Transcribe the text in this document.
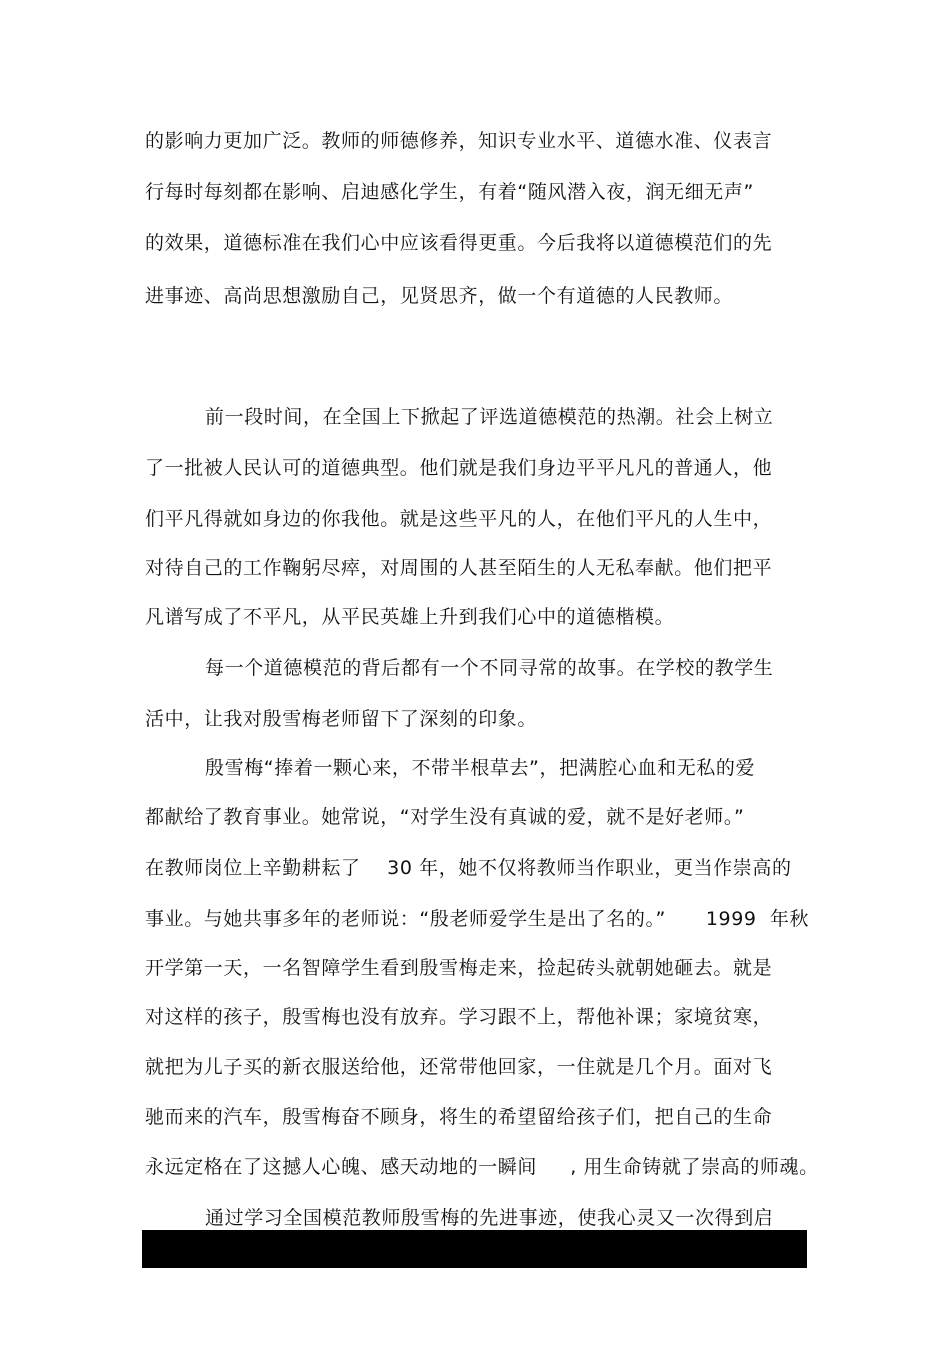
的影响力更加广泛。教师的师德修养，知识专业水平、道德水准、仪表言
行每时每刻都在影响、启迪感化学生，有着“随风潜入夜，润无细无声”
的效果，道德标准在我们心中应该看得更重。今后我将以道德模范们的先
进事迹、高尚思想激励自己，见贤思齐，做一个有道德的人民教师。
前一段时间，在全国上下掀起了评选道德模范的热潮。社会上树立
了一批被人民认可的道德典型。他们就是我们身边平平凡凡的普通人，他
们平凡得就如身边的你我他。就是这些平凡的人，在他们平凡的人生中，
对待自己的工作鞠躬尽瘁，对周围的人甚至陌生的人无私奉献。他们把平
凡谱写成了不平凡，从平民英雄上升到我们心中的道德楷模。
每一个道德模范的背后都有一个不同寻常的故事。在学校的教学生
活中，让我对殷雪梅老师留下了深刻的印象。
殷雪梅“捧着一颗心来，不带半根草去”，把满腔心血和无私的爱
都献给了教育事业。她常说，“对学生没有真诚的爱，就不是好老师。”
在教师岗位上辛勤耕耘了    30 年，她不仅将教师当作职业，更当作崇高的
事业。与她共事多年的老师说：“殷老师爱学生是出了名的。”      1999  年秋
开学第一天，一名智障学生看到殷雪梅走来，捡起砖头就朝她砸去。就是
对这样的孩子，殷雪梅也没有放弃。学习跟不上，帮他补课；家境贫寒，
就把为儿子买的新衣服送给他，还常带他回家，一住就是几个月。面对飞
驰而来的汽车，殷雪梅奋不顾身，将生的希望留给孩子们，把自己的生命
永远定格在了这撼人心魄、感天动地的一瞬间     , 用生命铸就了崇高的师魂。
通过学习全国模范教师殷雪梅的先进事迹，使我心灵又一次得到启
